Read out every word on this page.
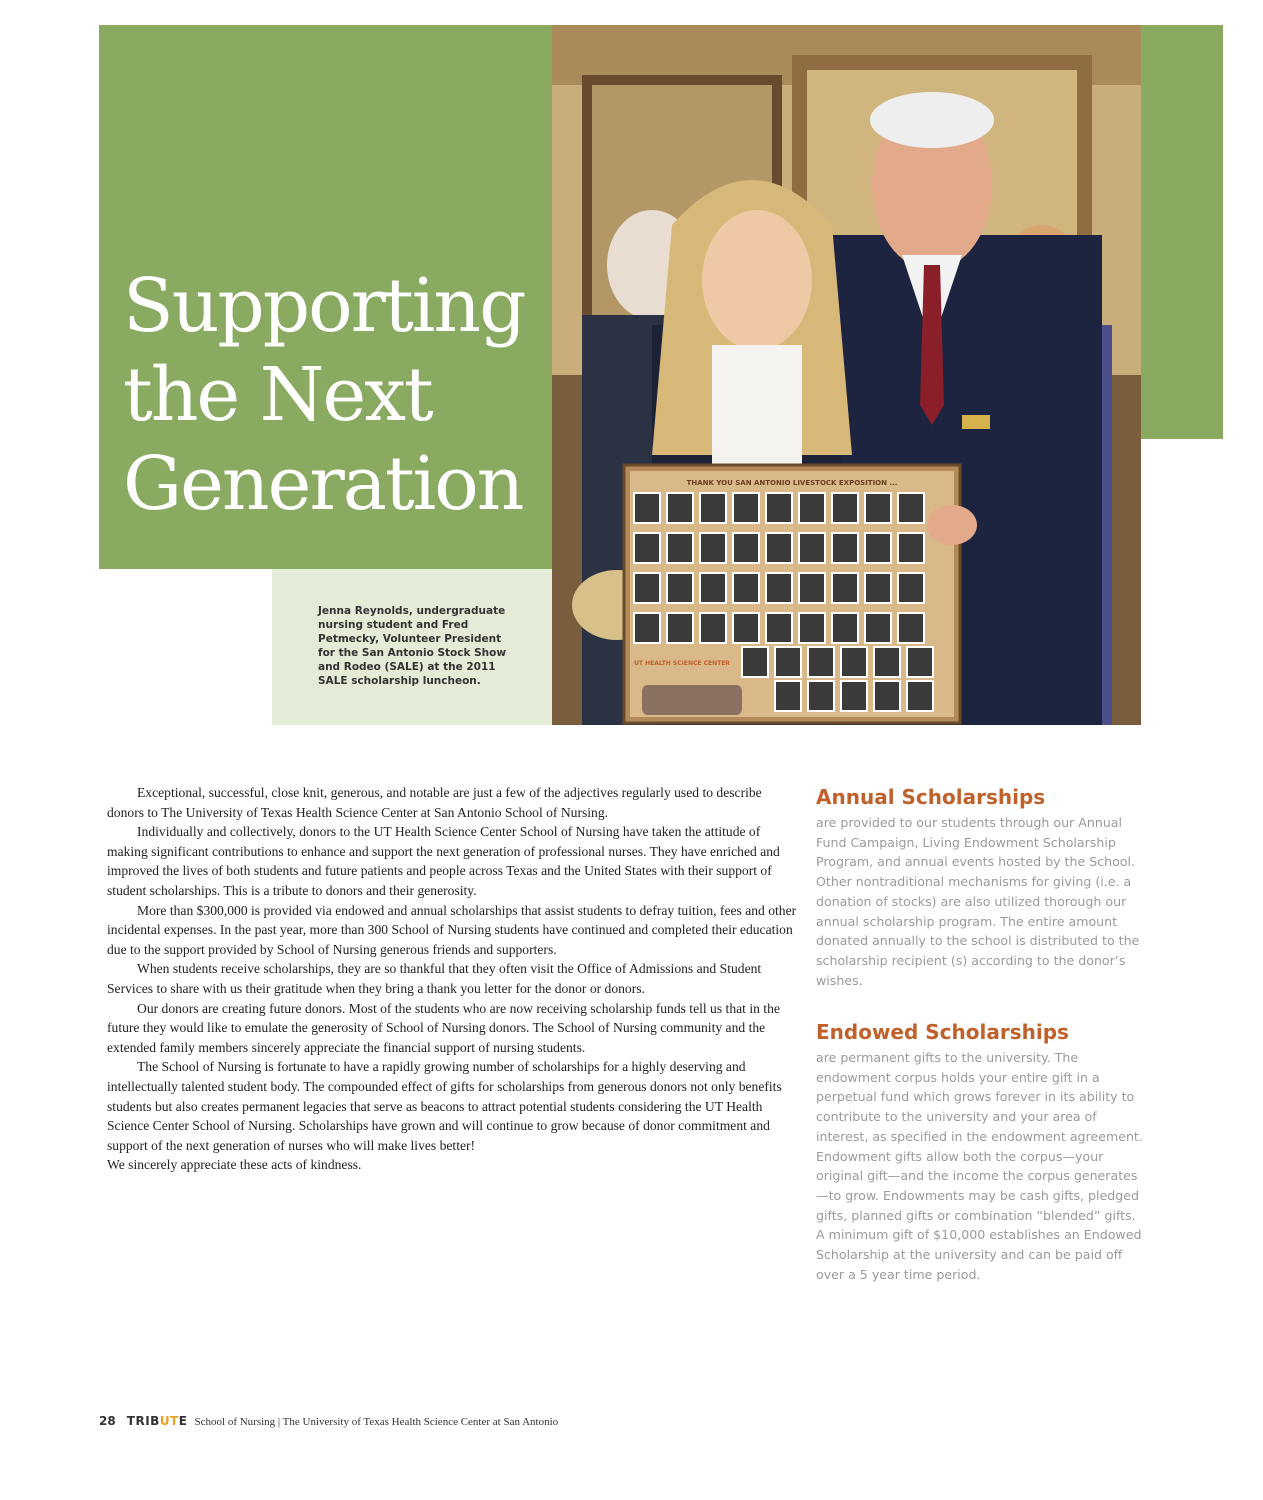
Supporting
the Next
Generation
Jenna Reynolds, undergraduate nursing student and Fred Petmecky, Volunteer President for the San Antonio Stock Show and Rodeo (SALE) at the 2011 SALE scholarship luncheon.
THANK YOU SAN ANTONIO LIVESTOCK EXPOSITION ...
UT HEALTH SCIENCE CENTER

Exceptional, successful, close knit, generous, and notable are just a few of the adjectives regularly used to describe donors to The University of Texas Health Science Center at San Antonio School of Nursing.

Individually and collectively, donors to the UT Health Science Center School of Nursing have taken the attitude of making significant contributions to enhance and support the next generation of professional nurses. They have enriched and improved the lives of both students and future patients and people across Texas and the United States with their support of student scholarships. This is a tribute to donors and their generosity.

More than $300,000 is provided via endowed and annual scholarships that assist students to defray tuition, fees and other incidental expenses. In the past year, more than 300 School of Nursing students have continued and completed their education due to the support provided by School of Nursing generous friends and supporters.

When students receive scholarships, they are so thankful that they often visit the Office of Admissions and Student Services to share with us their gratitude when they bring a thank you letter for the donor or donors.

Our donors are creating future donors. Most of the students who are now receiving scholarship funds tell us that in the future they would like to emulate the generosity of School of Nursing donors. The School of Nursing community and the extended family members sincerely appreciate the financial support of nursing students.

The School of Nursing is fortunate to have a rapidly growing number of scholarships for a highly deserving and intellectually talented student body. The compounded effect of gifts for scholarships from generous donors not only benefits students but also creates permanent legacies that serve as beacons to attract potential students considering the UT Health Science Center School of Nursing. Scholarships have grown and will continue to grow because of donor commitment and support of the next generation of nurses who will make lives better!

We sincerely appreciate these acts of kindness.

Annual Scholarships

are provided to our students through our Annual Fund Campaign, Living Endowment Scholarship Program, and annual events hosted by the School. Other nontraditional mechanisms for giving (i.e. a donation of stocks) are also utilized thorough our annual scholarship program. The entire amount donated annually to the school is distributed to the scholarship recipient (s) according to the donor’s wishes.

Endowed Scholarships

are permanent gifts to the university. The endowment corpus holds your entire gift in a perpetual fund which grows forever in its ability to contribute to the university and your area of interest, as specified in the endowment agreement. Endowment gifts allow both the corpus—your original gift—and the income the corpus generates—to grow. Endowments may be cash gifts, pledged gifts, planned gifts or combination “blended” gifts. A minimum gift of $10,000 establishes an Endowed Scholarship at the university and can be paid off over a 5 year time period.

28 TRIBUTE School of Nursing | The University of Texas Health Science Center at San Antonio
